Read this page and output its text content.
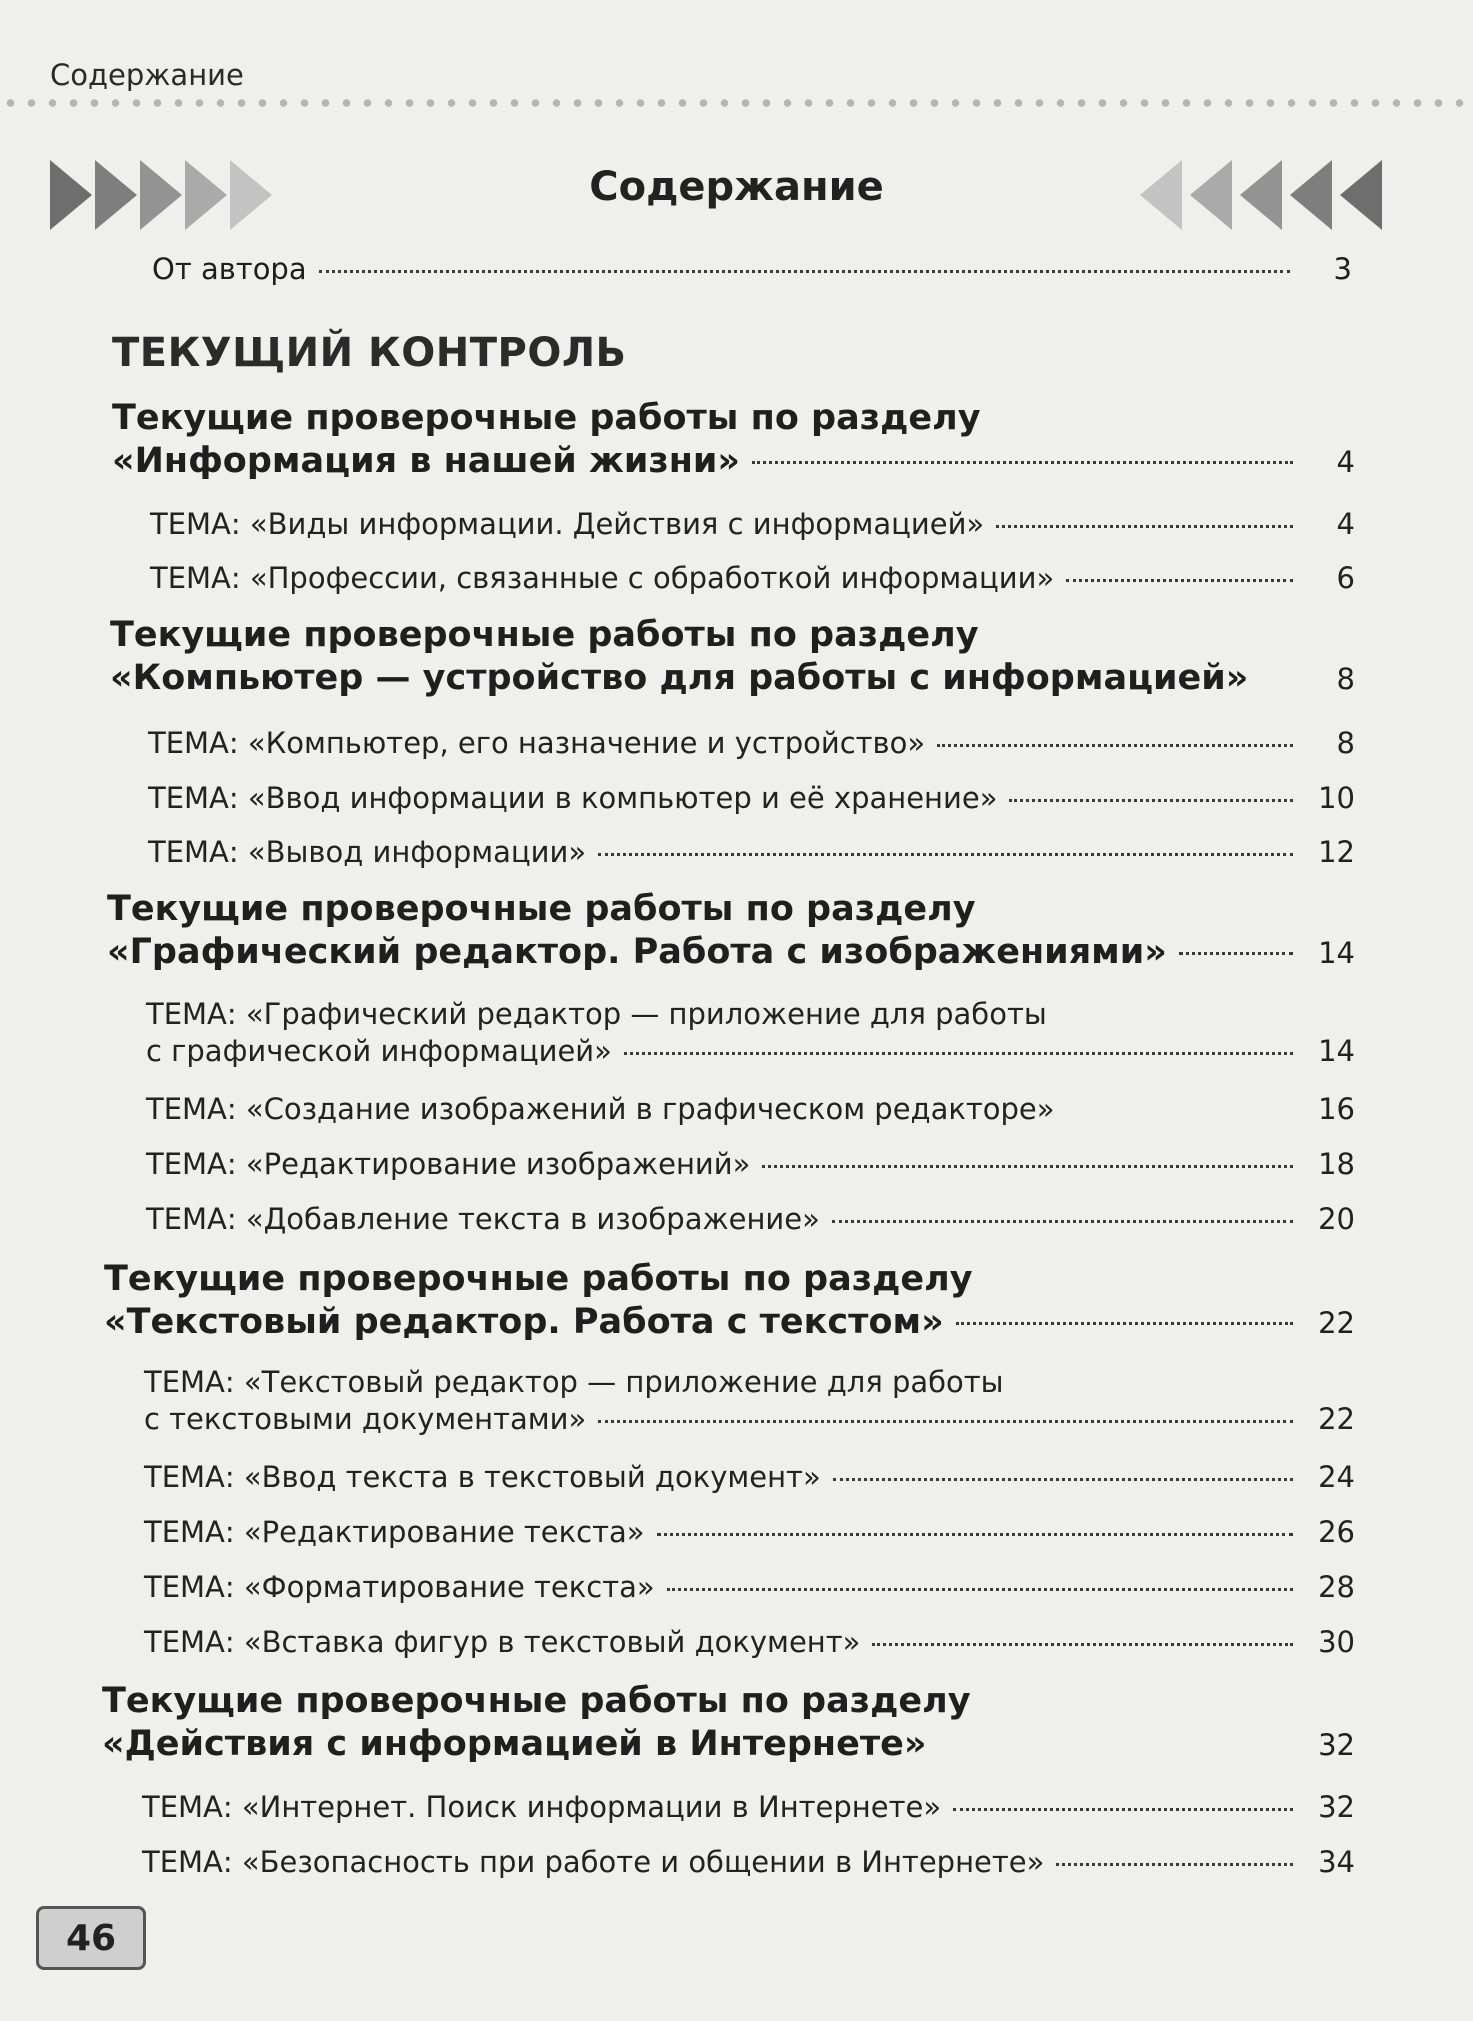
Содержание
Содержание
От автора	3
ТЕКУЩИЙ КОНТРОЛЬ
Текущие проверочные работы по разделу
«Информация в нашей жизни»	4
ТЕМА: «Виды информации. Действия с информацией»	4
ТЕМА: «Профессии, связанные с обработкой информации»	6
Текущие проверочные работы по разделу
«Компьютер — устройство для работы с информацией»	8
ТЕМА: «Компьютер, его назначение и устройство»	8
ТЕМА: «Ввод информации в компьютер и её хранение»	10
ТЕМА: «Вывод информации»	12
Текущие проверочные работы по разделу
«Графический редактор. Работа с изображениями»	14
ТЕМА: «Графический редактор — приложение для работы
с графической информацией»	14
ТЕМА: «Создание изображений в графическом редакторе»	16
ТЕМА: «Редактирование изображений»	18
ТЕМА: «Добавление текста в изображение»	20
Текущие проверочные работы по разделу
«Текстовый редактор. Работа с текстом»	22
ТЕМА: «Текстовый редактор — приложение для работы
с текстовыми документами»	22
ТЕМА: «Ввод текста в текстовый документ»	24
ТЕМА: «Редактирование текста»	26
ТЕМА: «Форматирование текста»	28
ТЕМА: «Вставка фигур в текстовый документ»	30
Текущие проверочные работы по разделу
«Действия с информацией в Интернете»	32
ТЕМА: «Интернет. Поиск информации в Интернете»	32
ТЕМА: «Безопасность при работе и общении в Интернете»	34
46
